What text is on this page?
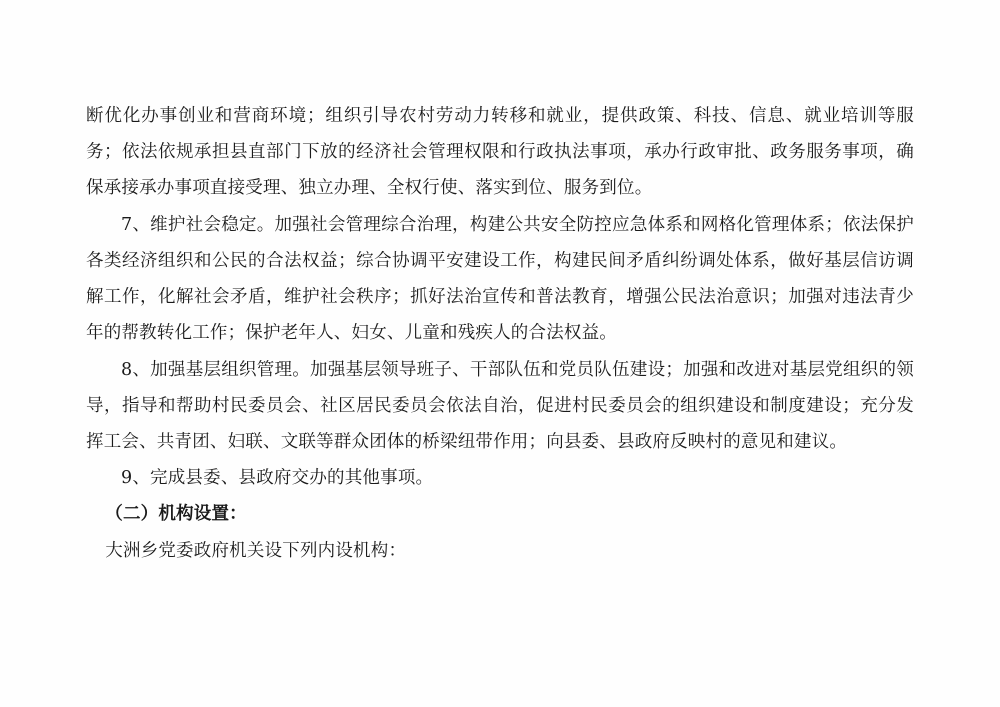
断优化办事创业和营商环境；组织引导农村劳动力转移和就业，提供政策、科技、信息、就业培训等服务；依法依规承担县直部门下放的经济社会管理权限和行政执法事项，承办行政审批、政务服务事项，确保承接承办事项直接受理、独立办理、全权行使、落实到位、服务到位。

7、维护社会稳定。加强社会管理综合治理，构建公共安全防控应急体系和网格化管理体系；依法保护各类经济组织和公民的合法权益；综合协调平安建设工作，构建民间矛盾纠纷调处体系，做好基层信访调解工作，化解社会矛盾，维护社会秩序；抓好法治宣传和普法教育，增强公民法治意识；加强对违法青少年的帮教转化工作；保护老年人、妇女、儿童和残疾人的合法权益。

8、加强基层组织管理。加强基层领导班子、干部队伍和党员队伍建设；加强和改进对基层党组织的领导，指导和帮助村民委员会、社区居民委员会依法自治，促进村民委员会的组织建设和制度建设；充分发挥工会、共青团、妇联、文联等群众团体的桥梁纽带作用；向县委、县政府反映村的意见和建议。

9、完成县委、县政府交办的其他事项。

（二）机构设置：

大洲乡党委政府机关设下列内设机构：
